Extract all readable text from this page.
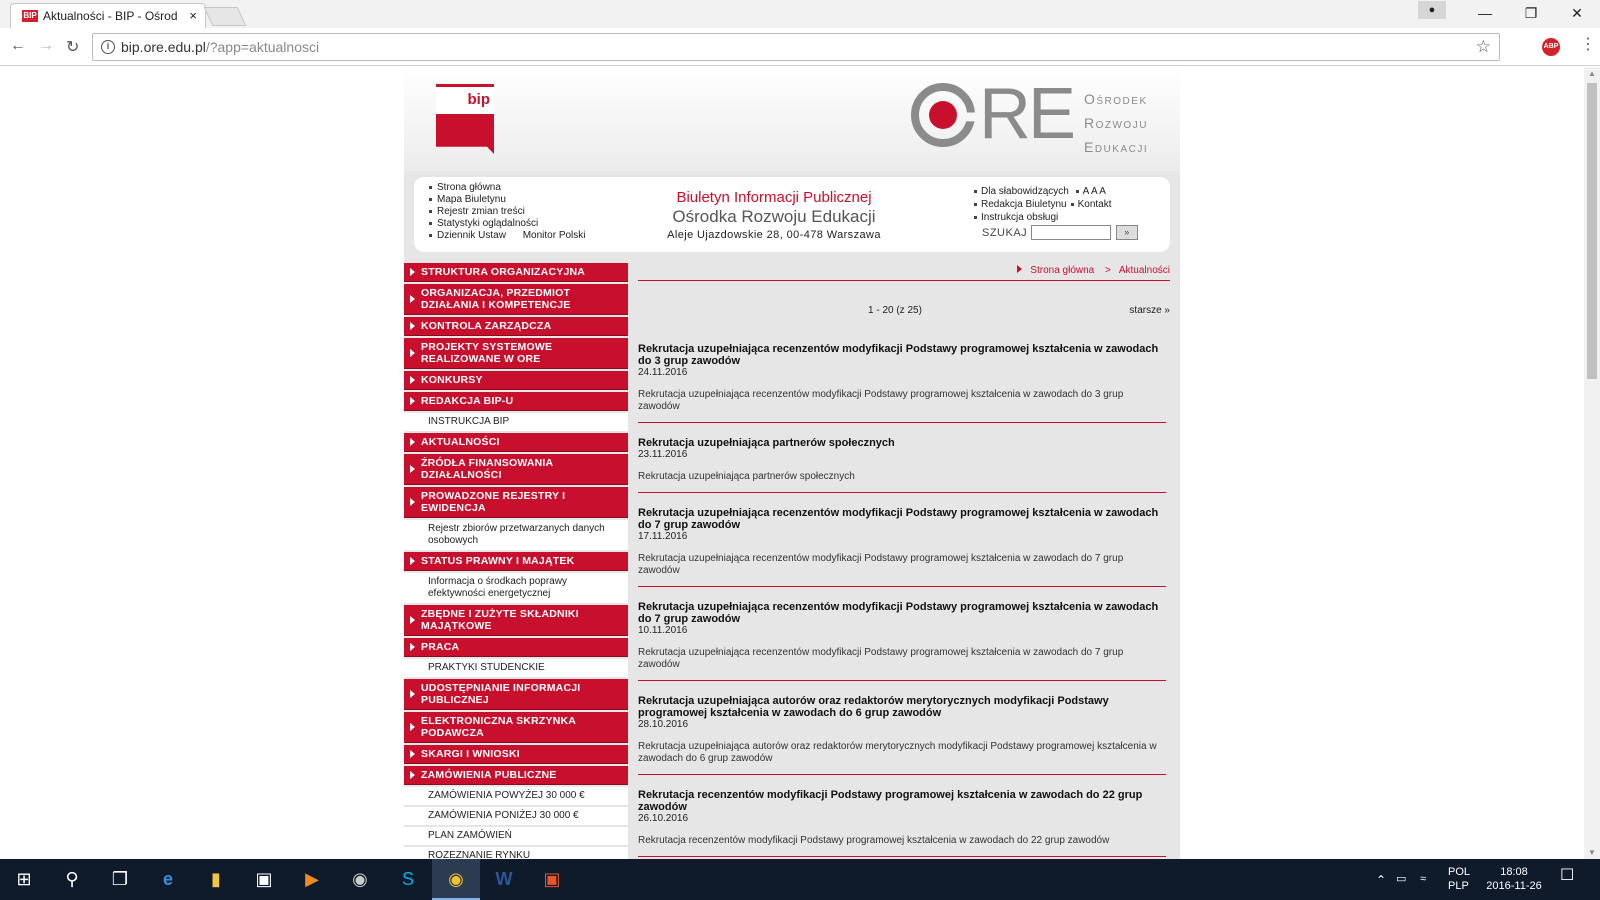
BIP Aktualności - BIP - Ośrod ×	●	—	❐	✕
← → ↻	i bip.ore.edu.pl/?app=aktualnosci	☆	ABP ⋮
bip	RE Ośrodek
Rozwoju
Edukacji
Strona główna
Mapa Biuletynu
Rejestr zmian treści
Statystyki oglądalności
Dziennik Ustaw Monitor Polski
Biuletyn Informacji Publicznej
Ośrodka Rozwoju Edukacji
Aleje Ujazdowskie 28, 00-478 Warszawa
Dla słabowidzących A A A
Redakcja Biuletynu Kontakt
Instrukcja obsługi
SZUKAJ	»
STRUKTURA ORGANIZACYJNA
ORGANIZACJA, PRZEDMIOT DZIAŁANIA I KOMPETENCJE
KONTROLA ZARZĄDCZA
PROJEKTY SYSTEMOWE REALIZOWANE W ORE
KONKURSY
REDAKCJA BIP-U
INSTRUKCJA BIP
AKTUALNOŚCI
ŹRÓDŁA FINANSOWANIA DZIAŁALNOŚCI
PROWADZONE REJESTRY I EWIDENCJA
Rejestr zbiorów przetwarzanych danych osobowych
STATUS PRAWNY I MAJĄTEK
Informacja o środkach poprawy efektywności energetycznej
ZBĘDNE I ZUŻYTE SKŁADNIKI MAJĄTKOWE
PRACA
PRAKTYKI STUDENCKIE
UDOSTĘPNIANIE INFORMACJI PUBLICZNEJ
ELEKTRONICZNA SKRZYNKA PODAWCZA
SKARGI I WNIOSKI
ZAMÓWIENIA PUBLICZNE
ZAMÓWIENIA POWYŻEJ 30 000 €
ZAMÓWIENIA PONIŻEJ 30 000 €
PLAN ZAMÓWIEŃ
ROZEZNANIE RYNKU
Strona główna > Aktualności
1 - 20 (z 25)	starsze »
Rekrutacja uzupełniająca recenzentów modyfikacji Podstawy programowej kształcenia w zawodach do 3 grup zawodów
24.11.2016
Rekrutacja uzupełniająca recenzentów modyfikacji Podstawy programowej kształcenia w zawodach do 3 grup zawodów
Rekrutacja uzupełniająca partnerów społecznych
23.11.2016
Rekrutacja uzupełniająca partnerów społecznych
Rekrutacja uzupełniająca recenzentów modyfikacji Podstawy programowej kształcenia w zawodach do 7 grup zawodów
17.11.2016
Rekrutacja uzupełniająca recenzentów modyfikacji Podstawy programowej kształcenia w zawodach do 7 grup zawodów
Rekrutacja uzupełniająca recenzentów modyfikacji Podstawy programowej kształcenia w zawodach do 7 grup zawodów
10.11.2016
Rekrutacja uzupełniająca recenzentów modyfikacji Podstawy programowej kształcenia w zawodach do 7 grup zawodów
Rekrutacja uzupełniająca autorów oraz redaktorów merytorycznych modyfikacji Podstawy programowej kształcenia w zawodach do 6 grup zawodów
28.10.2016
Rekrutacja uzupełniająca autorów oraz redaktorów merytorycznych modyfikacji Podstawy programowej kształcenia w zawodach do 6 grup zawodów
Rekrutacja recenzentów modyfikacji Podstawy programowej kształcenia w zawodach do 22 grup zawodów
26.10.2016
Rekrutacja recenzentów modyfikacji Podstawy programowej kształcenia w zawodach do 22 grup zawodów
▲
▼
⊞	⚲	❐	e	▮	▣	▶	◉	S	◉	W	▣	⌃ ▭ ≈
POL
PLP
18:08
2016-11-26
☐
